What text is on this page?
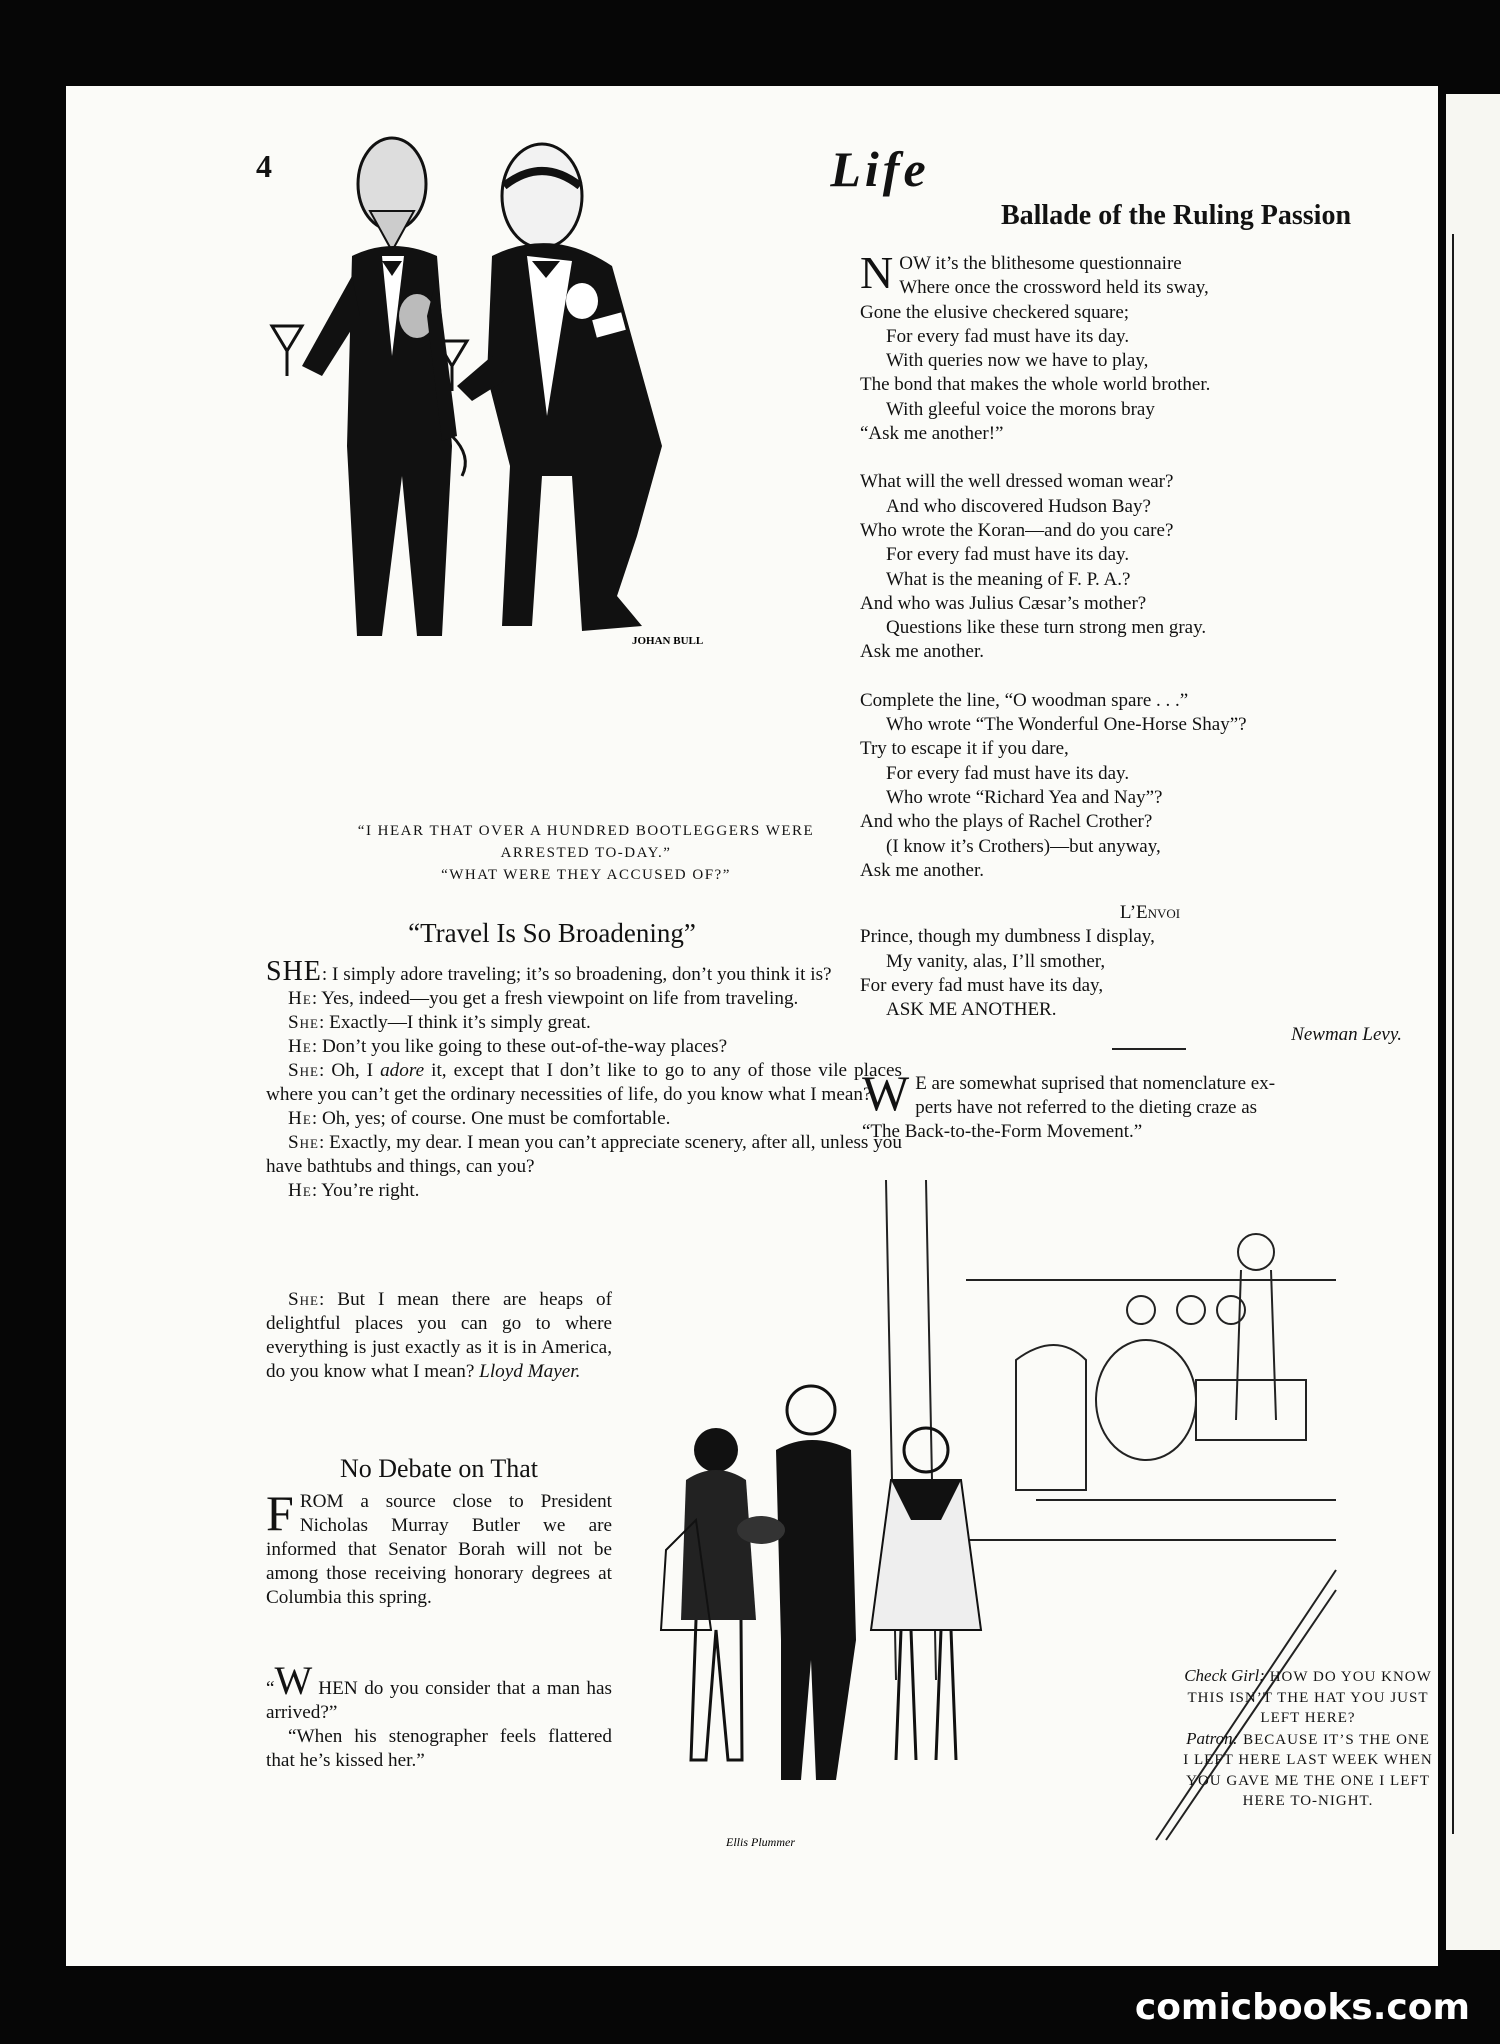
4	Life
JOHAN BULL
“I HEAR THAT OVER A HUNDRED BOOTLEGGERS WERE
ARRESTED TO-DAY.”
“WHAT WERE THEY ACCUSED OF?”
Ballade of the Ruling Passion
N OW it’s the blithesome questionnaire
Where once the crossword held its sway,
Gone the elusive checkered square;
For every fad must have its day.
With queries now we have to play,
The bond that makes the whole world brother.
With gleeful voice the morons bray
“Ask me another!”
What will the well dressed woman wear?
And who discovered Hudson Bay?
Who wrote the Koran—and do you care?
For every fad must have its day.
What is the meaning of F. P. A.?
And who was Julius Cæsar’s mother?
Questions like these turn strong men gray.
Ask me another.
Complete the line, “O woodman spare . . .”
Who wrote “The Wonderful One-Horse Shay”?
Try to escape it if you dare,
For every fad must have its day.
Who wrote “Richard Yea and Nay”?
And who the plays of Rachel Crother?
(I know it’s Crothers)—but anyway,
Ask me another.
L’Envoi
Prince, though my dumbness I display,
My vanity, alas, I’ll smother,
For every fad must have its day,
ASK ME ANOTHER.
Newman Levy.
W E are somewhat suprised that nomenclature ex-
perts have not referred to the dieting craze as
“The Back-to-the-Form Movement.”
“Travel Is So Broadening”

SHE: I simply adore traveling; it’s so broadening, don’t you think it is?

He: Yes, indeed—you get a fresh viewpoint on life from traveling.

She: Exactly—I think it’s simply great.

He: Don’t you like going to these out-of-the-way places?

She: Oh, I adore it, except that I don’t like to go to any of those vile places where you can’t get the ordinary necessities of life, do you know what I mean?

He: Oh, yes; of course. One must be comfortable.

She: Exactly, my dear. I mean you can’t appreciate scenery, after all, unless you have bathtubs and things, can you?

He: You’re right.

She: But I mean there are heaps of delightful places you can go to where everything is just exactly as it is in America, do you know what I mean? Lloyd Mayer.

No Debate on That
FROM a source close to President Nicholas Murray Butler we are informed that Senator Borah will not be among those receiving honorary degrees at Columbia this spring.

“W HEN do you consider that a man has arrived?”

“When his stenographer feels flattered that he’s kissed her.”

Ellis Plummer
Check Girl: HOW DO YOU KNOW
THIS ISN’T THE HAT YOU JUST
LEFT HERE?
Patron: BECAUSE IT’S THE ONE
I LEFT HERE LAST WEEK WHEN
YOU GAVE ME THE ONE I LEFT
HERE TO-NIGHT.
comicbooks.com
